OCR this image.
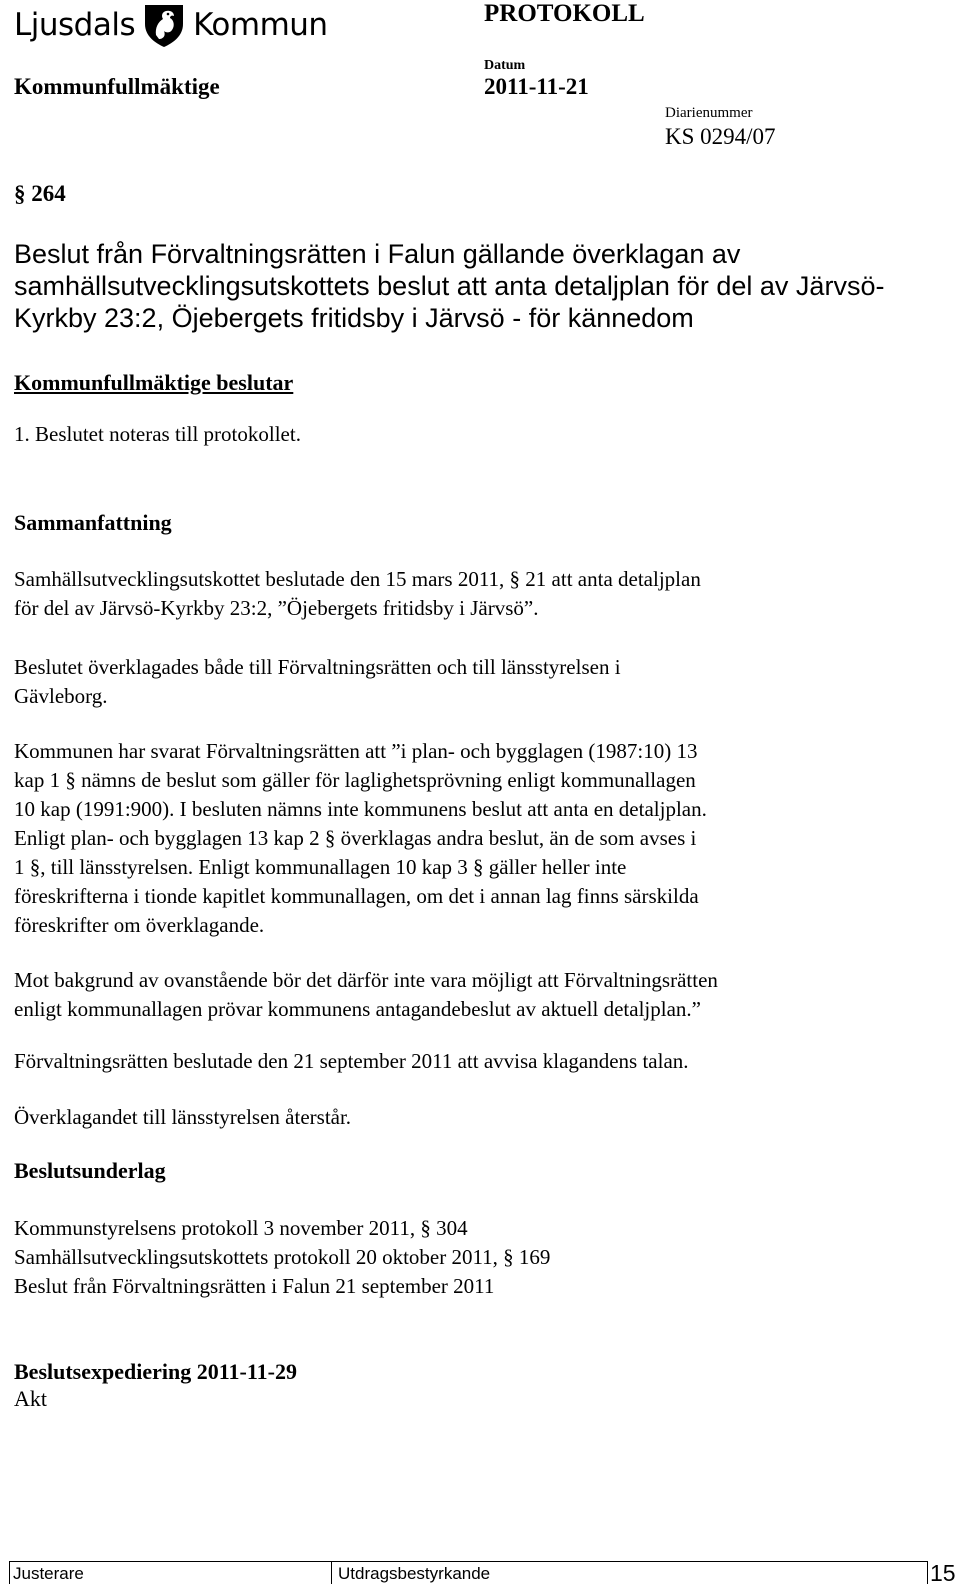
Ljusdals Kommun	PROTOKOLL
Kommunfullmäktige
Datum
2011-11-21
Diarienummer
KS 0294/07
§ 264
Beslut från Förvaltningsrätten i Falun gällande överklagan av samhällsutvecklingsutskottets beslut att anta detaljplan för del av Järvsö-Kyrkby 23:2, Öjebergets fritidsby i Järvsö - för kännedom
Kommunfullmäktige beslutar
1. Beslutet noteras till protokollet.
Sammanfattning

Samhällsutvecklingsutskottet beslutade den 15 mars 2011, § 21 att anta detaljplan
för del av Järvsö-Kyrkby 23:2, ”Öjebergets fritidsby i Järvsö”.

Beslutet överklagades både till Förvaltningsrätten och till länsstyrelsen i
Gävleborg.

Kommunen har svarat Förvaltningsrätten att ”i plan- och bygglagen (1987:10) 13
kap 1 § nämns de beslut som gäller för laglighetsprövning enligt kommunallagen
10 kap (1991:900). I besluten nämns inte kommunens beslut att anta en detaljplan.
Enligt plan- och bygglagen 13 kap 2 § överklagas andra beslut, än de som avses i
1 §, till länsstyrelsen. Enligt kommunallagen 10 kap 3 § gäller heller inte
föreskrifterna i tionde kapitlet kommunallagen, om det i annan lag finns särskilda
föreskrifter om överklagande.

Mot bakgrund av ovanstående bör det därför inte vara möjligt att Förvaltningsrätten
enligt kommunallagen prövar kommunens antagandebeslut av aktuell detaljplan.”

Förvaltningsrätten beslutade den 21 september 2011 att avvisa klagandens talan.

Överklagandet till länsstyrelsen återstår.

Beslutsunderlag
Kommunstyrelsens protokoll 3 november 2011, § 304
Samhällsutvecklingsutskottets protokoll 20 oktober 2011, § 169
Beslut från Förvaltningsrätten i Falun 21 september 2011
Beslutsexpediering 2011-11-29
Akt
Justerare	Utdragsbestyrkande	15
